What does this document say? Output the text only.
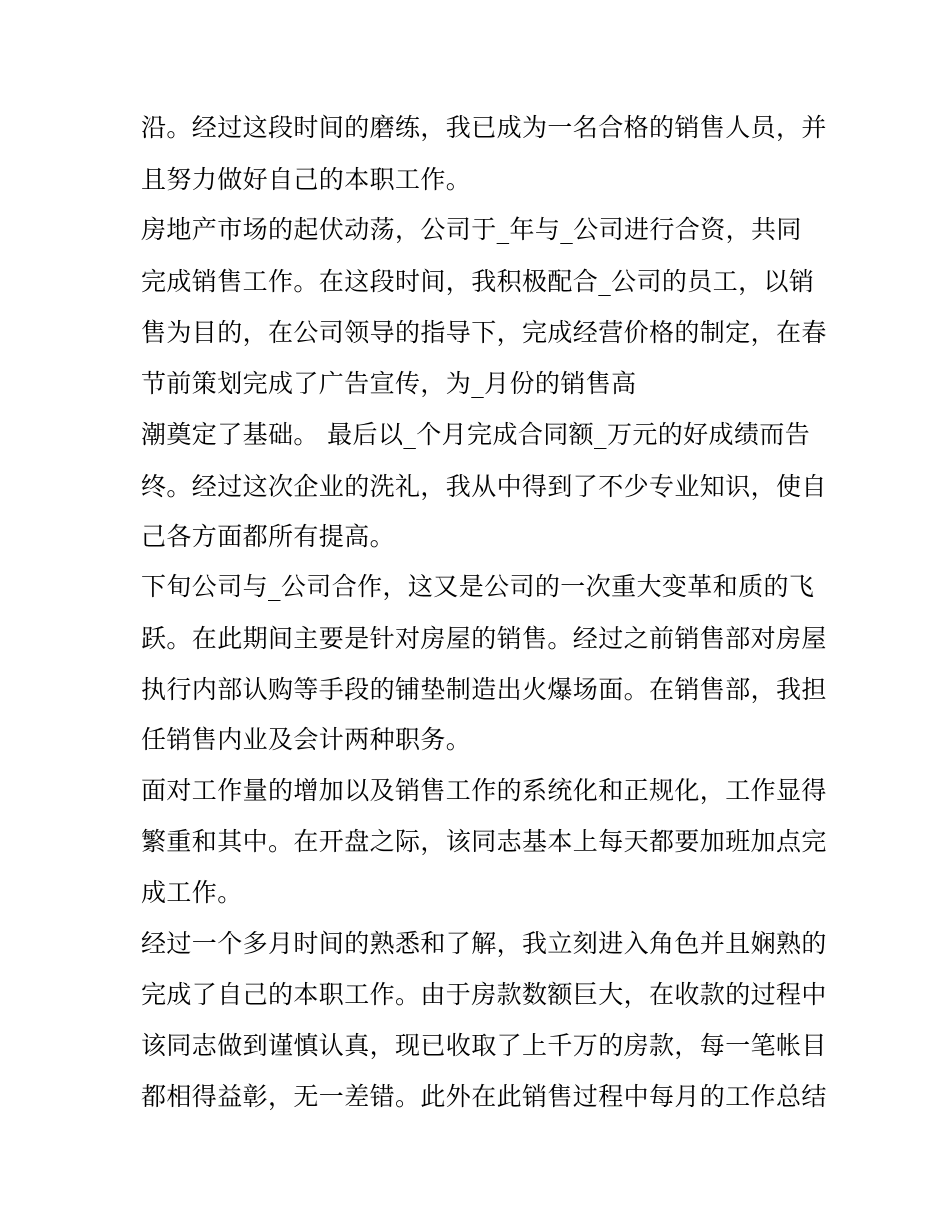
沿。经过这段时间的磨练，我已成为一名合格的销售人员，并
且努力做好自己的本职工作。
房地产市场的起伏动荡，公司于_年与_公司进行合资，共同
完成销售工作。在这段时间，我积极配合_公司的员工，以销
售为目的，在公司领导的指导下，完成经营价格的制定，在春
节前策划完成了广告宣传，为_月份的销售高
潮奠定了基础。 最后以_个月完成合同额_万元的好成绩而告
终。经过这次企业的洗礼，我从中得到了不少专业知识，使自
己各方面都所有提高。
下旬公司与_公司合作，这又是公司的一次重大变革和质的飞
跃。在此期间主要是针对房屋的销售。经过之前销售部对房屋
执行内部认购等手段的铺垫制造出火爆场面。在销售部，我担
任销售内业及会计两种职务。
面对工作量的增加以及销售工作的系统化和正规化，工作显得
繁重和其中。在开盘之际，该同志基本上每天都要加班加点完
成工作。
经过一个多月时间的熟悉和了解，我立刻进入角色并且娴熟的
完成了自己的本职工作。由于房款数额巨大，在收款的过程中
该同志做到谨慎认真，现已收取了上千万的房款，每一笔帐目
都相得益彰，无一差错。此外在此销售过程中每月的工作总结
